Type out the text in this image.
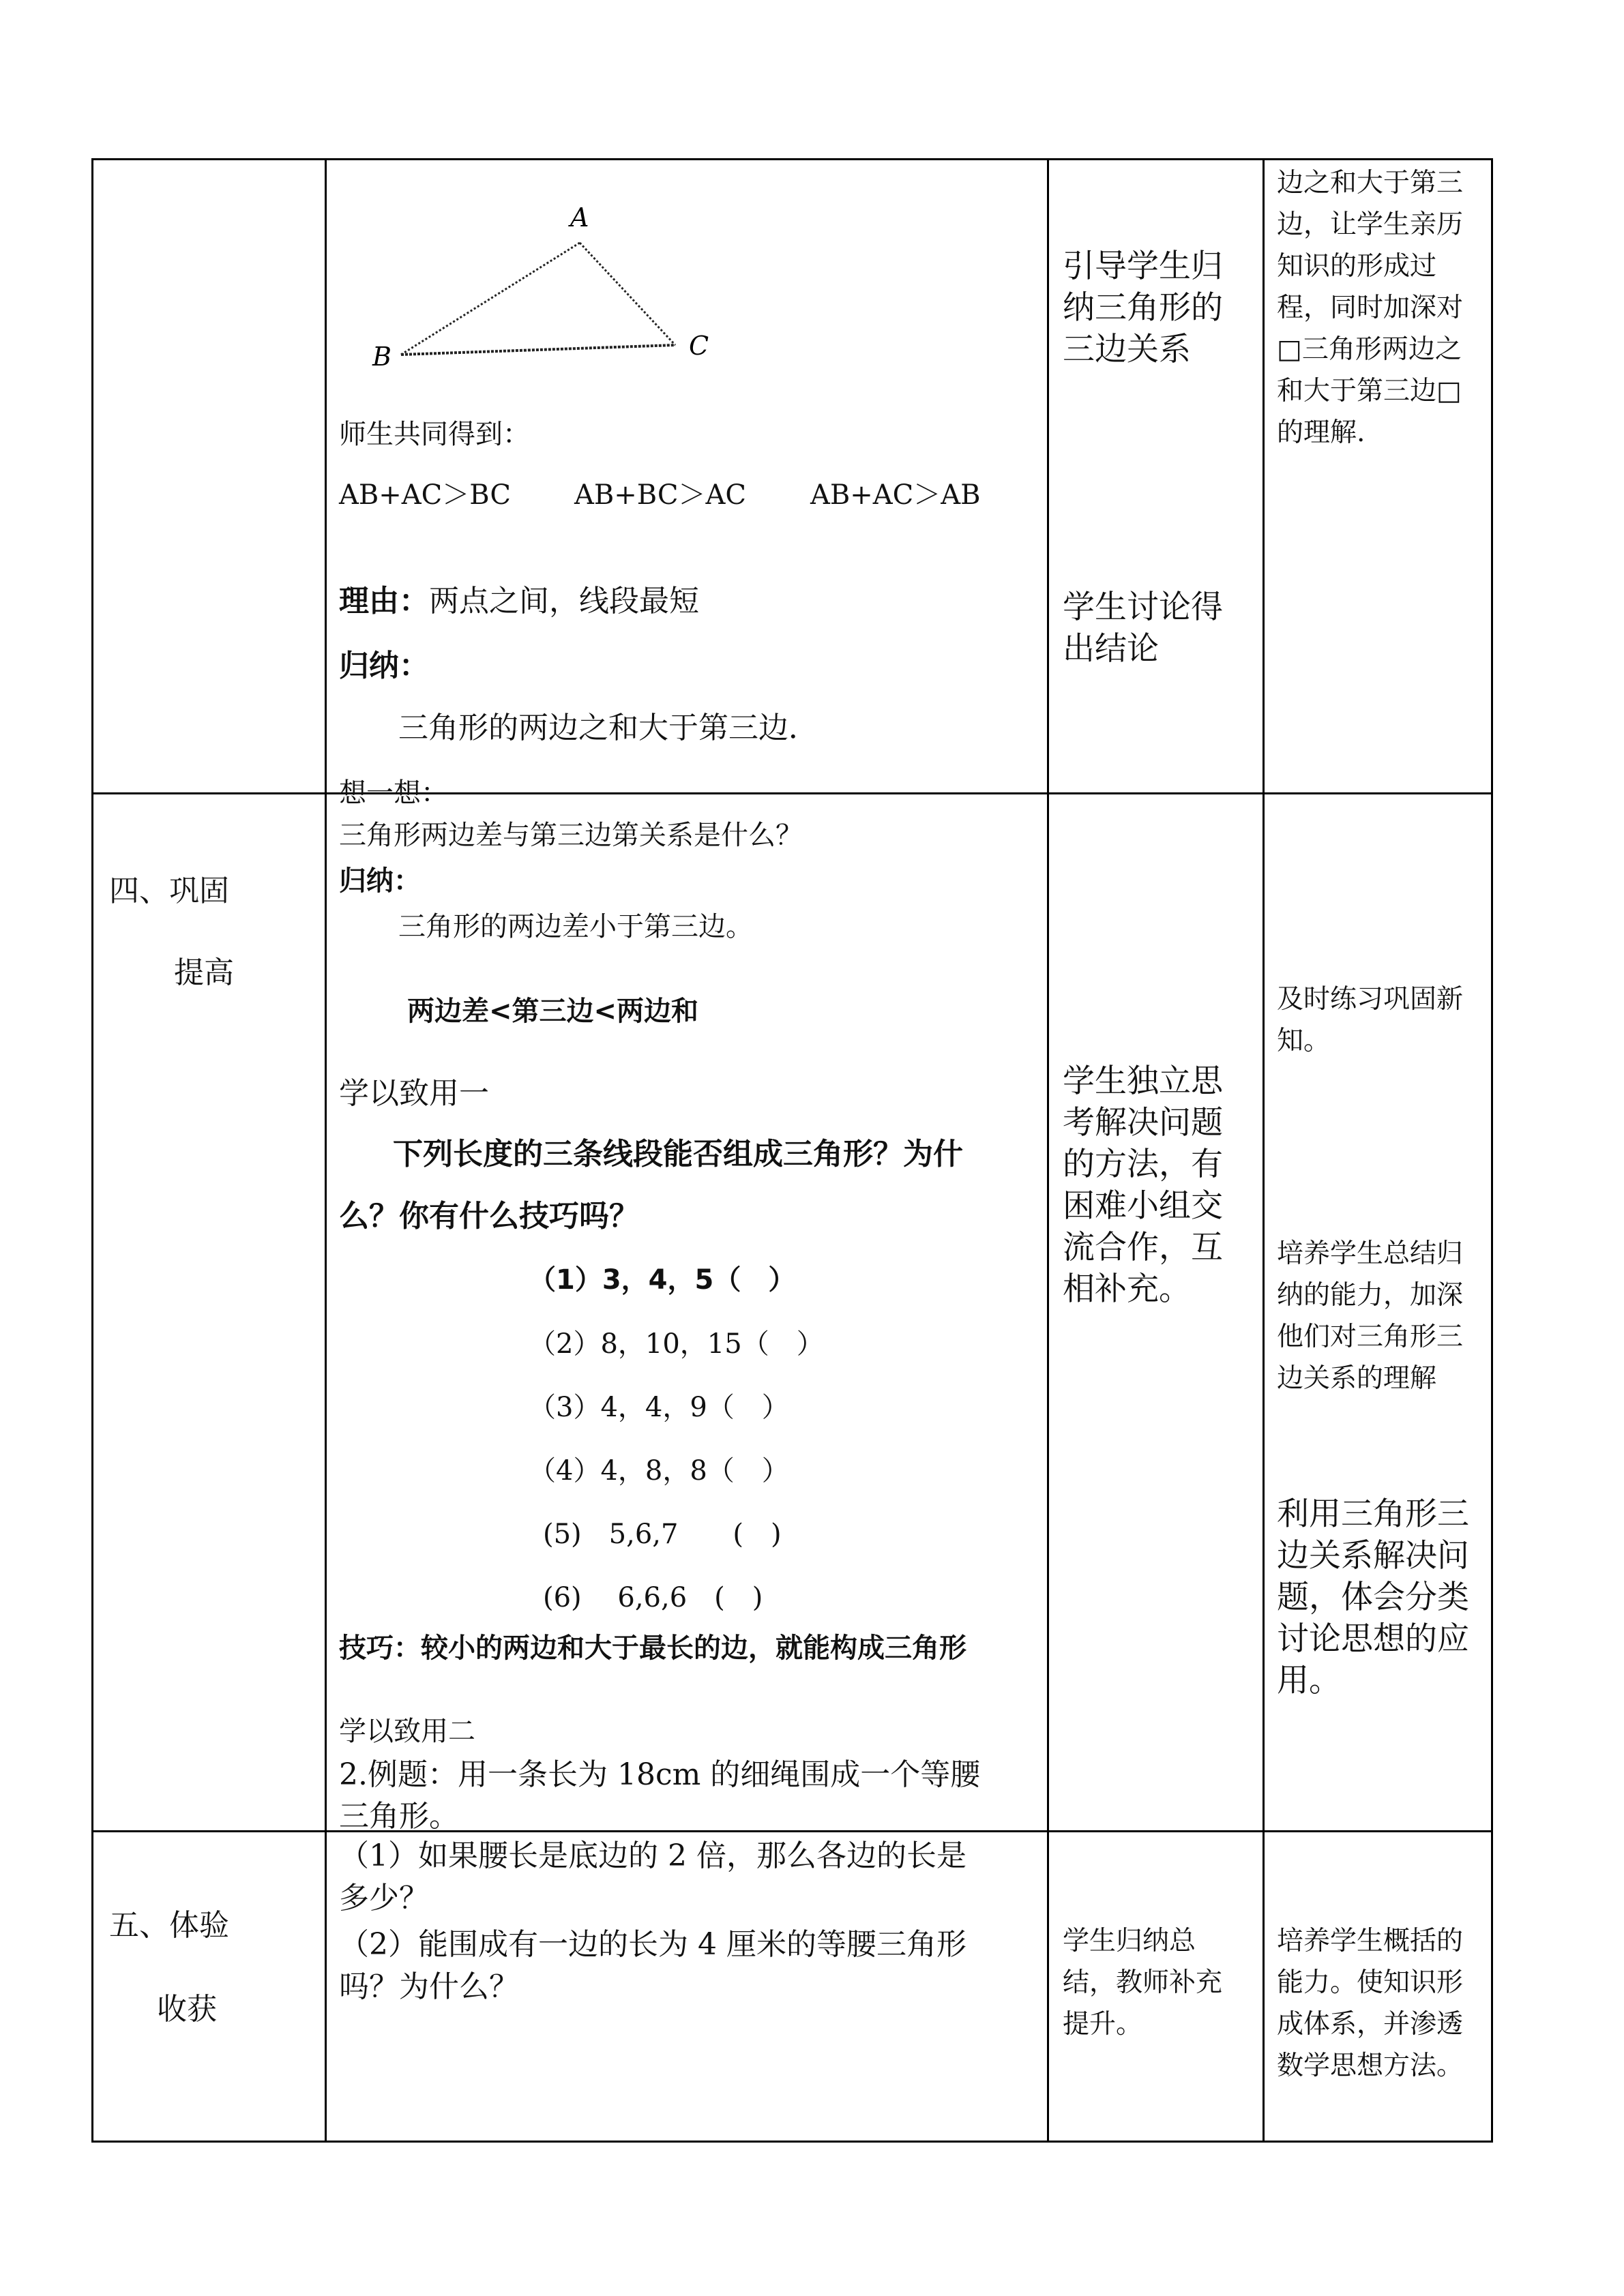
A
B	C
师生共同得到：
AB+AC＞BC AB+BC＞AC AB+AC＞AB
理由：两点之间，线段最短
归纳：
三角形的两边之和大于第三边．
引导学生归
纳三角形的
三边关系
学生讨论得
出结论
边之和大于第三
边，让学生亲历
知识的形成过
程，同时加深对
□三角形两边之
和大于第三边□
的理解.
四、巩固
提高
想一想：
三角形两边差与第三边第关系是什么？
归纳：
三角形的两边差小于第三边。
两边差<第三边<两边和
学以致用一
下列长度的三条线段能否组成三角形？为什
么？你有什么技巧吗？
（1）3，4，5（　）
（2）8，10，15（　）
（3）4，4，9（　）
（4）4，8，8（　）
(5)　5,6,7　　(　)
(6)　 6,6,6　(　)
技巧：较小的两边和大于最长的边，就能构成三角形
学以致用二
2.例题：用一条长为 18cm 的细绳围成一个等腰
三角形。
学生独立思
考解决问题
的方法，有
困难小组交
流合作，互
相补充。
及时练习巩固新
知。
培养学生总结归
纳的能力，加深
他们对三角形三
边关系的理解
利用三角形三
边关系解决问
题，体会分类
讨论思想的应
用。
五、体验
收获
（1）如果腰长是底边的 2 倍，那么各边的长是
多少？
（2）能围成有一边的长为 4 厘米的等腰三角形
吗？为什么？
学生归纳总
结，教师补充
提升。
培养学生概括的
能力。使知识形
成体系，并渗透
数学思想方法。
